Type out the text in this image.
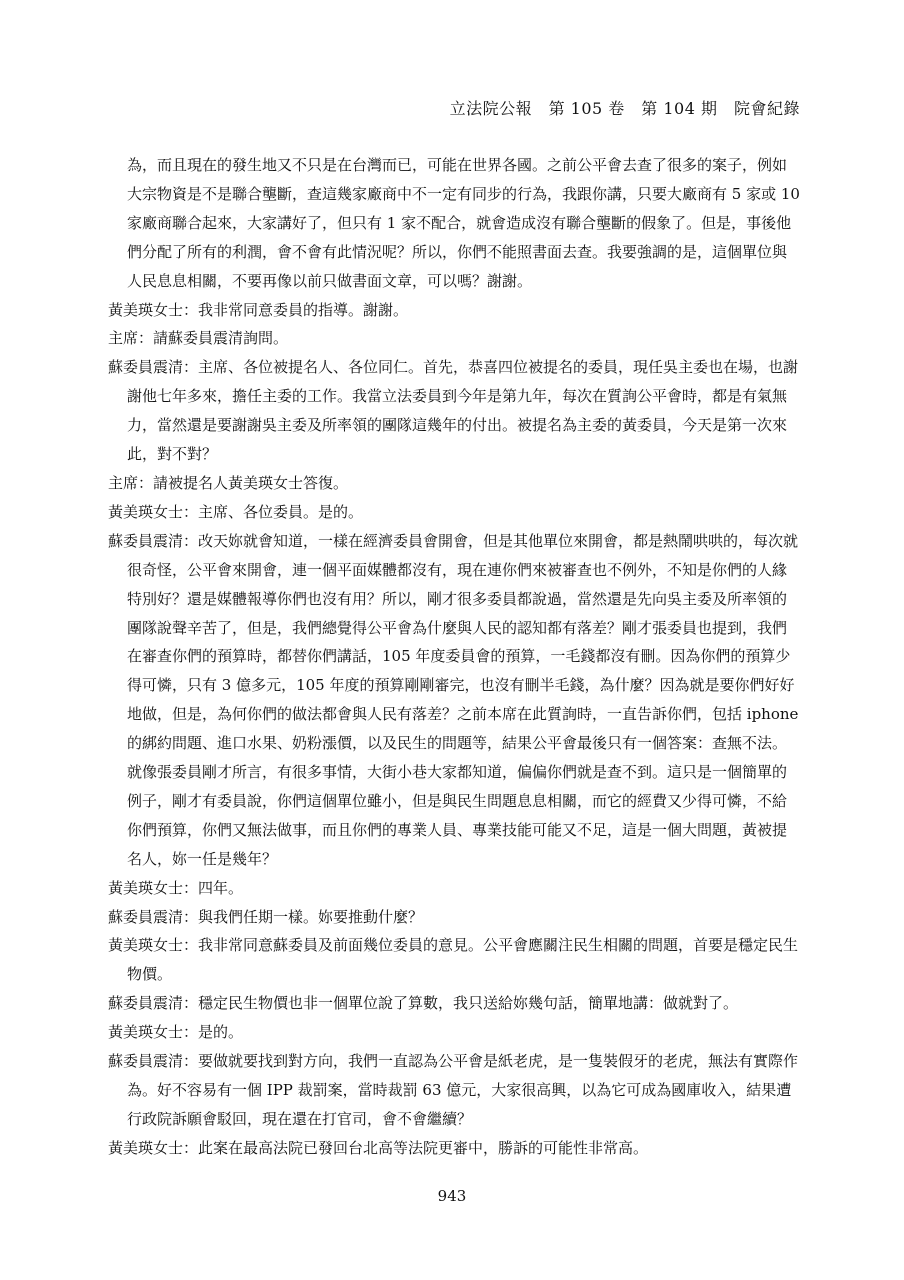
立法院公報　第 105 卷　第 104 期　院會紀錄

為，而且現在的發生地又不只是在台灣而已，可能在世界各國。之前公平會去查了很多的案子，例如大宗物資是不是聯合壟斷，查這幾家廠商中不一定有同步的行為，我跟你講，只要大廠商有 5 家或 10 家廠商聯合起來，大家講好了，但只有 1 家不配合，就會造成沒有聯合壟斷的假象了。但是，事後他們分配了所有的利潤，會不會有此情況呢？所以，你們不能照書面去查。我要強調的是，這個單位與人民息息相關，不要再像以前只做書面文章，可以嗎？謝謝。

黃美瑛女士：我非常同意委員的指導。謝謝。

主席：請蘇委員震清詢問。

蘇委員震清：主席、各位被提名人、各位同仁。首先，恭喜四位被提名的委員，現任吳主委也在場，也謝謝他七年多來，擔任主委的工作。我當立法委員到今年是第九年，每次在質詢公平會時，都是有氣無力，當然還是要謝謝吳主委及所率領的團隊這幾年的付出。被提名為主委的黃委員，今天是第一次來此，對不對？

主席：請被提名人黃美瑛女士答復。

黃美瑛女士：主席、各位委員。是的。

蘇委員震清：改天妳就會知道，一樣在經濟委員會開會，但是其他單位來開會，都是熱鬧哄哄的，每次就很奇怪，公平會來開會，連一個平面媒體都沒有，現在連你們來被審查也不例外，不知是你們的人緣特別好？還是媒體報導你們也沒有用？所以，剛才很多委員都說過，當然還是先向吳主委及所率領的團隊說聲辛苦了，但是，我們總覺得公平會為什麼與人民的認知都有落差？剛才張委員也提到，我們在審查你們的預算時，都替你們講話，105 年度委員會的預算，一毛錢都沒有刪。因為你們的預算少得可憐，只有 3 億多元，105 年度的預算剛剛審完，也沒有刪半毛錢，為什麼？因為就是要你們好好地做，但是，為何你們的做法都會與人民有落差？之前本席在此質詢時，一直告訴你們，包括 iphone 的綁約問題、進口水果、奶粉漲價，以及民生的問題等，結果公平會最後只有一個答案：查無不法。就像張委員剛才所言，有很多事情，大街小巷大家都知道，偏偏你們就是查不到。這只是一個簡單的例子，剛才有委員說，你們這個單位雖小，但是與民生問題息息相關，而它的經費又少得可憐，不給你們預算，你們又無法做事，而且你們的專業人員、專業技能可能又不足，這是一個大問題，黃被提名人，妳一任是幾年？

黃美瑛女士：四年。

蘇委員震清：與我們任期一樣。妳要推動什麼？

黃美瑛女士：我非常同意蘇委員及前面幾位委員的意見。公平會應關注民生相關的問題，首要是穩定民生物價。

蘇委員震清：穩定民生物價也非一個單位說了算數，我只送給妳幾句話，簡單地講：做就對了。

黃美瑛女士：是的。

蘇委員震清：要做就要找到對方向，我們一直認為公平會是紙老虎，是一隻裝假牙的老虎，無法有實際作為。好不容易有一個 IPP 裁罰案，當時裁罰 63 億元，大家很高興，以為它可成為國庫收入，結果遭行政院訴願會駁回，現在還在打官司，會不會繼續？

黃美瑛女士：此案在最高法院已發回台北高等法院更審中，勝訴的可能性非常高。

943
